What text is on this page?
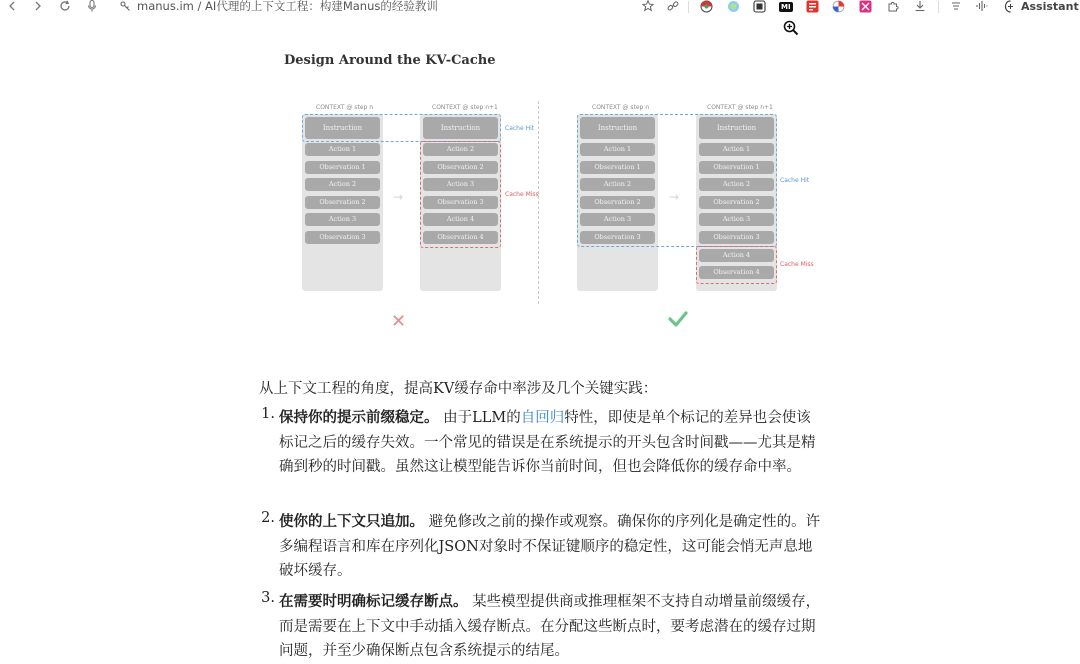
manus.im / AI代理的上下文工程：构建Manus的经验教训	MI	Assistant
Design Around the KV-Cache
CONTEXT @ step n	CONTEXT @ step n+1
Instruction
Action 1
Observation 1
Action 2
Observation 2
Action 3
Observation 3
Instruction
Action 2
Observation 2
Action 3
Observation 3
Action 4
Observation 4
Cache Hit
Cache Miss
→
CONTEXT @ step n	CONTEXT @ step n+1
Instruction
Action 1
Observation 1
Action 2
Observation 2
Action 3
Observation 3
Instruction
Action 1
Observation 1
Action 2
Observation 2
Action 3
Observation 3
Action 4
Observation 4
Cache Hit
Cache Miss
→
✕
从上下文工程的角度，提高KV缓存命中率涉及几个关键实践：
1. 保持你的提示前缀稳定。 由于LLM的自回归特性，即使是单个标记的差异也会使该标记之后的缓存失效。一个常见的错误是在系统提示的开头包含时间戳——尤其是精确到秒的时间戳。虽然这让模型能告诉你当前时间，但也会降低你的缓存命中率。
2. 使你的上下文只追加。 避免修改之前的操作或观察。确保你的序列化是确定性的。许多编程语言和库在序列化JSON对象时不保证键顺序的稳定性，这可能会悄无声息地破坏缓存。
3. 在需要时明确标记缓存断点。 某些模型提供商或推理框架不支持自动增量前缀缓存，而是需要在上下文中手动插入缓存断点。在分配这些断点时，要考虑潜在的缓存过期问题，并至少确保断点包含系统提示的结尾。
